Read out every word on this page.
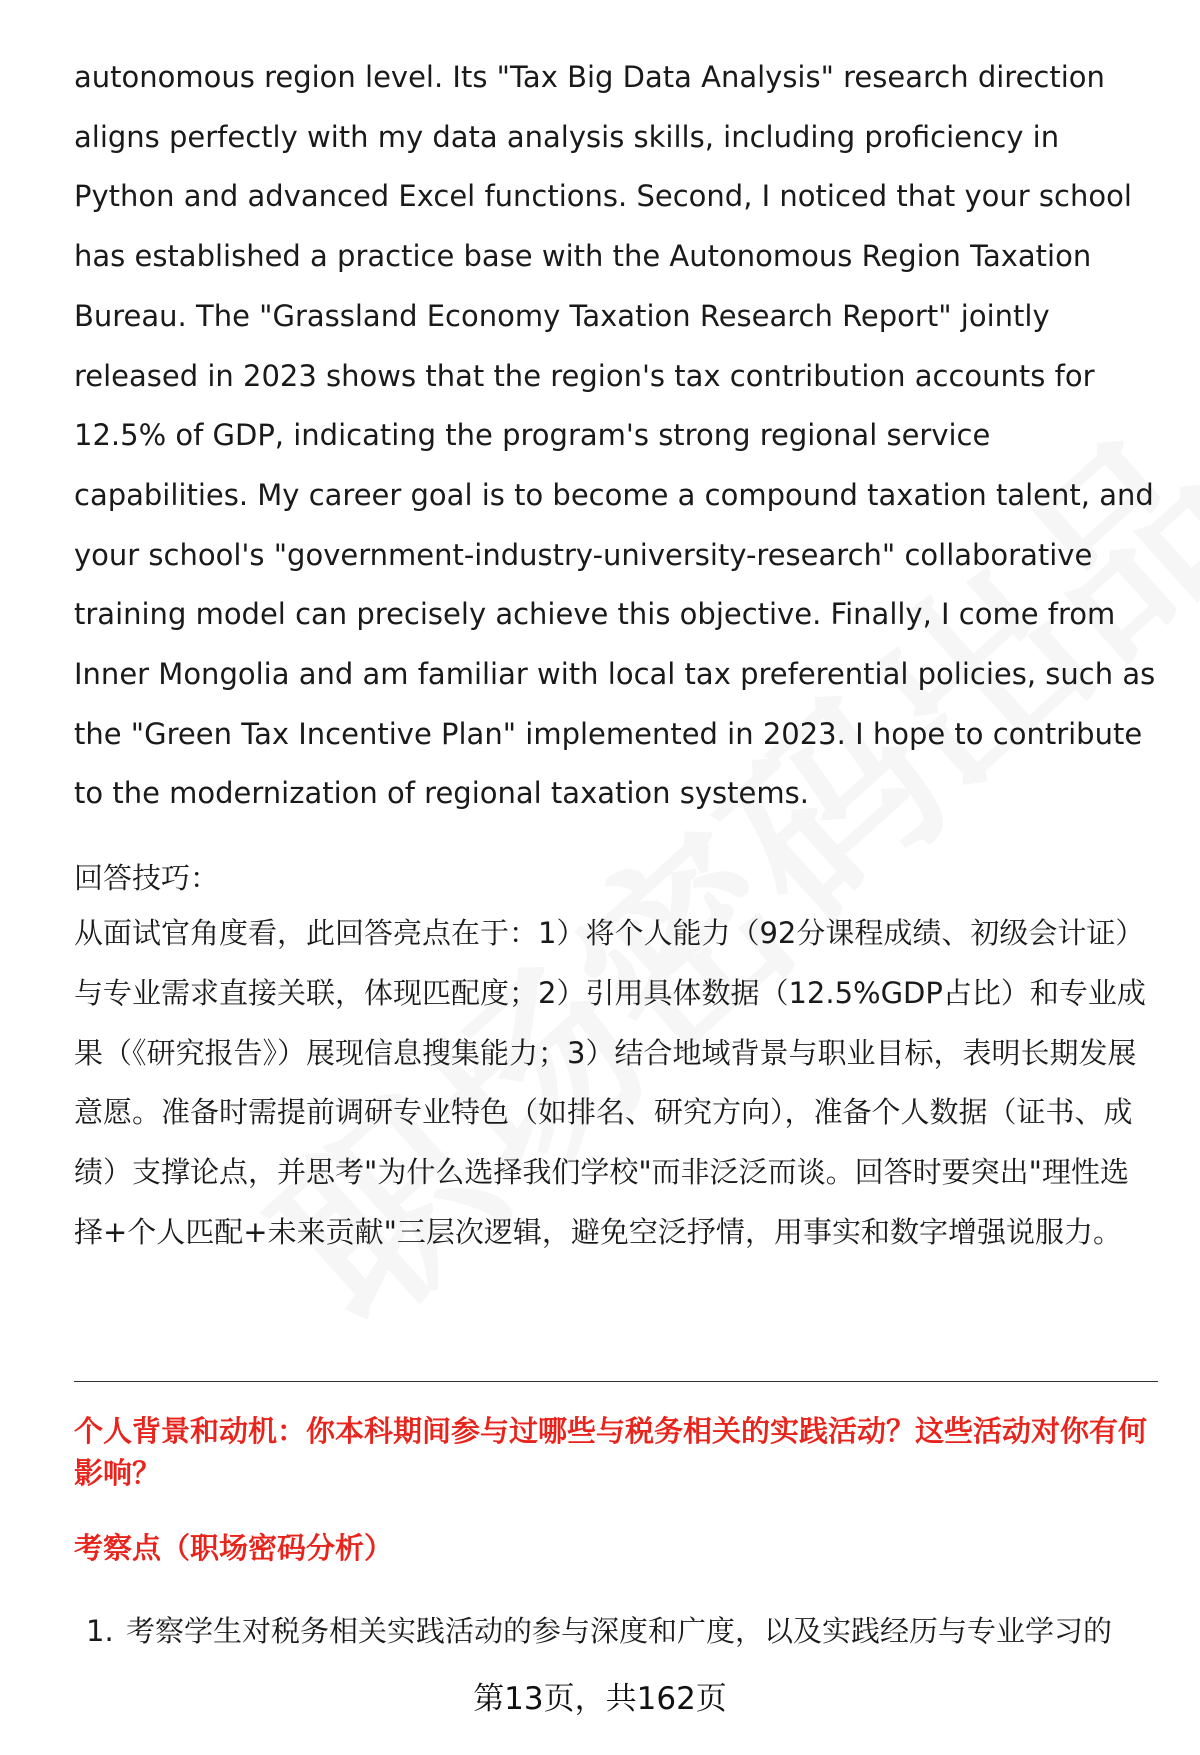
autonomous region level. Its "Tax Big Data Analysis" research direction aligns perfectly with my data analysis skills, including proficiency in Python and advanced Excel functions. Second, I noticed that your school has established a practice base with the Autonomous Region Taxation Bureau. The "Grassland Economy Taxation Research Report" jointly released in 2023 shows that the region's tax contribution accounts for 12.5% of GDP, indicating the program's strong regional service capabilities. My career goal is to become a compound taxation talent, and your school's "government-industry-university-research" collaborative training model can precisely achieve this objective. Finally, I come from Inner Mongolia and am familiar with local tax preferential policies, such as the "Green Tax Incentive Plan" implemented in 2023. I hope to contribute to the modernization of regional taxation systems.

回答技巧：

从面试官角度看，此回答亮点在于：1）将个人能力（92分课程成绩、初级会计证）与专业需求直接关联，体现匹配度；2）引用具体数据（12.5%GDP占比）和专业成果（《研究报告》）展现信息搜集能力；3）结合地域背景与职业目标，表明长期发展意愿。准备时需提前调研专业特色（如排名、研究方向），准备个人数据（证书、成绩）支撑论点，并思考"为什么选择我们学校"而非泛泛而谈。回答时要突出"理性选择+个人匹配+未来贡献"三层次逻辑，避免空泛抒情，用事实和数字增强说服力。

个人背景和动机：你本科期间参与过哪些与税务相关的实践活动？这些活动对你有何影响？

考察点（职场密码分析）

1. 考察学生对税务相关实践活动的参与深度和广度，以及实践经历与专业学习的
第13页，共162页
